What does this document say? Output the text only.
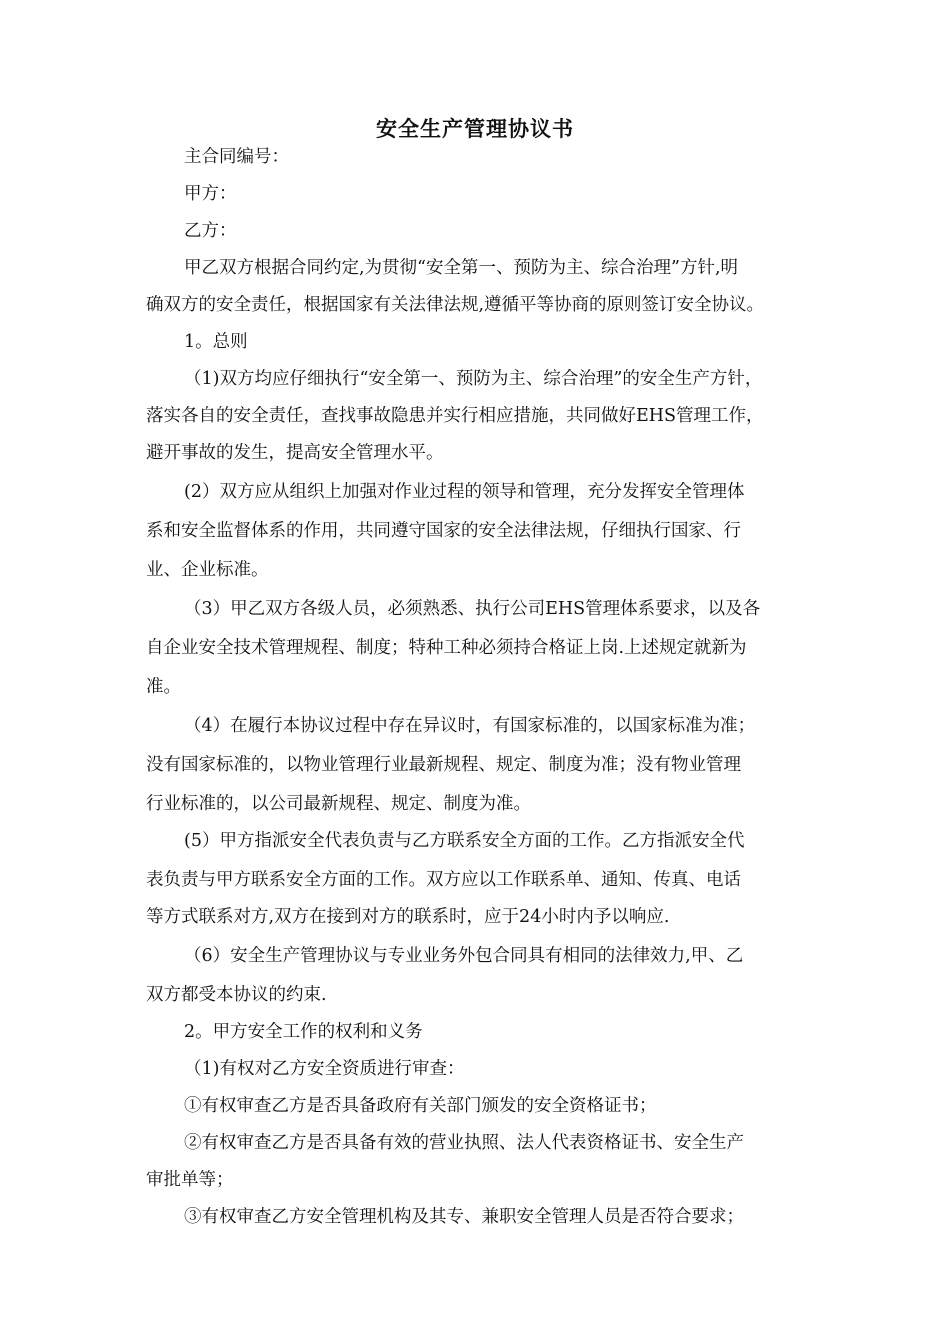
安全生产管理协议书
主合同编号：
甲方：
乙方：
甲乙双方根据合同约定,为贯彻“安全第一、预防为主、综合治理”方针,明
确双方的安全责任，根据国家有关法律法规,遵循平等协商的原则签订安全协议。
1。总则
（1)双方均应仔细执行“安全第一、预防为主、综合治理”的安全生产方针，
落实各自的安全责任，查找事故隐患并实行相应措施，共同做好EHS管理工作，
避开事故的发生，提高安全管理水平。
(2）双方应从组织上加强对作业过程的领导和管理，充分发挥安全管理体
系和安全监督体系的作用，共同遵守国家的安全法律法规，仔细执行国家、行
业、企业标准。
（3）甲乙双方各级人员，必须熟悉、执行公司EHS管理体系要求，以及各
自企业安全技术管理规程、制度；特种工种必须持合格证上岗.上述规定就新为
准。
（4）在履行本协议过程中存在异议时，有国家标准的，以国家标准为准；
没有国家标准的，以物业管理行业最新规程、规定、制度为准；没有物业管理
行业标准的，以公司最新规程、规定、制度为准。
(5）甲方指派安全代表负责与乙方联系安全方面的工作。乙方指派安全代
表负责与甲方联系安全方面的工作。双方应以工作联系单、通知、传真、电话
等方式联系对方,双方在接到对方的联系时，应于24小时内予以响应.
（6）安全生产管理协议与专业业务外包合同具有相同的法律效力,甲、乙
双方都受本协议的约束.
2。甲方安全工作的权利和义务
（1)有权对乙方安全资质进行审查：
①有权审查乙方是否具备政府有关部门颁发的安全资格证书；
②有权审查乙方是否具备有效的营业执照、法人代表资格证书、安全生产
审批单等；
③有权审查乙方安全管理机构及其专、兼职安全管理人员是否符合要求；
